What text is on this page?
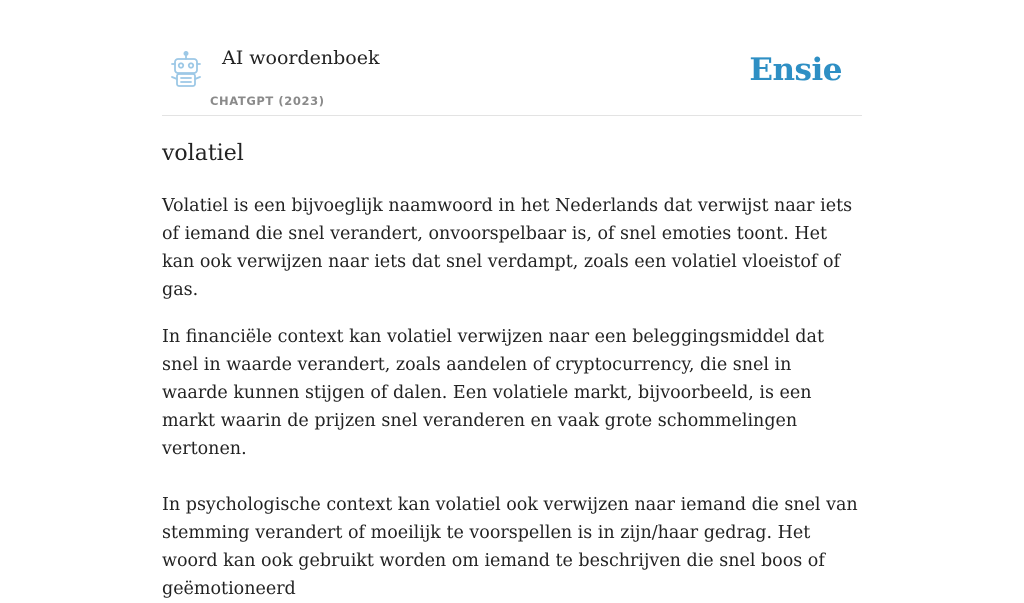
AI woordenboek
CHATGPT (2023)
Ensie
volatiel

Volatiel is een bijvoeglijk naamwoord in het Nederlands dat verwijst naar iets of iemand die snel verandert, onvoorspelbaar is, of snel emoties toont. Het kan ook verwijzen naar iets dat snel verdampt, zoals een volatiel vloeistof of gas.

In financiële context kan volatiel verwijzen naar een beleggingsmiddel dat snel in waarde verandert, zoals aandelen of cryptocurrency, die snel in waarde kunnen stijgen of dalen. Een volatiele markt, bijvoorbeeld, is een markt waarin de prijzen snel veranderen en vaak grote schommelingen vertonen.

In psychologische context kan volatiel ook verwijzen naar iemand die snel van stemming verandert of moeilijk te voorspellen is in zijn/haar gedrag. Het woord kan ook gebruikt worden om iemand te beschrijven die snel boos of geëmotioneerd
